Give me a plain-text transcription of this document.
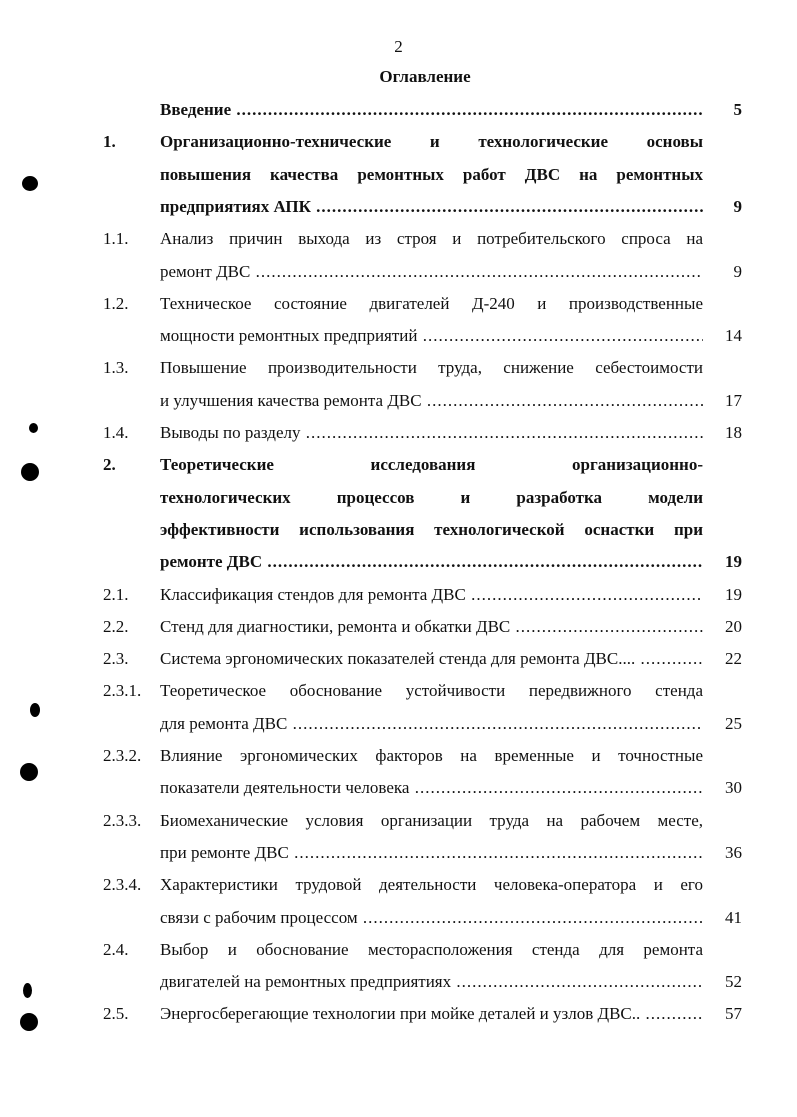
2
Оглавление
Введение .....	5
1.	Организационно-технические и технологические основы
повышения качества ремонтных работ ДВС на ремонтных
предприятиях АПК .....	9
1.1. Анализ причин выхода из строя и потребительского спроса на
ремонт ДВС .....	9
1.2. Техническое состояние двигателей Д-240 и производственные
мощности ремонтных предприятий .....	14
1.3. Повышение производительности труда, снижение себестоимости
и улучшения качества ремонта ДВС .....	17
1.4. Выводы по разделу .....	18
2.	Теоретические исследования организационно-
технологических процессов и разработка модели
эффективности использования технологической оснастки при
ремонте ДВС .....	19
2.1. Классификация стендов для ремонта ДВС .....	19
2.2. Стенд для диагностики, ремонта и обкатки ДВС .....	20
2.3. Система эргономических показателей стенда для ремонта ДВС.... .....	22
2.3.1. Теоретическое обоснование устойчивости передвижного стенда
для ремонта ДВС .....	25
2.3.2. Влияние эргономических факторов на временные и точностные
показатели деятельности человека .....	30
2.3.3. Биомеханические условия организации труда на рабочем месте,
при ремонте ДВС .....	36
2.3.4. Характеристики трудовой деятельности человека-оператора и его
связи с рабочим процессом .....	41
2.4. Выбор и обоснование месторасположения стенда для ремонта
двигателей на ремонтных предприятиях .....	52
2.5. Энергосберегающие технологии при мойке деталей и узлов ДВС.. .....	57
